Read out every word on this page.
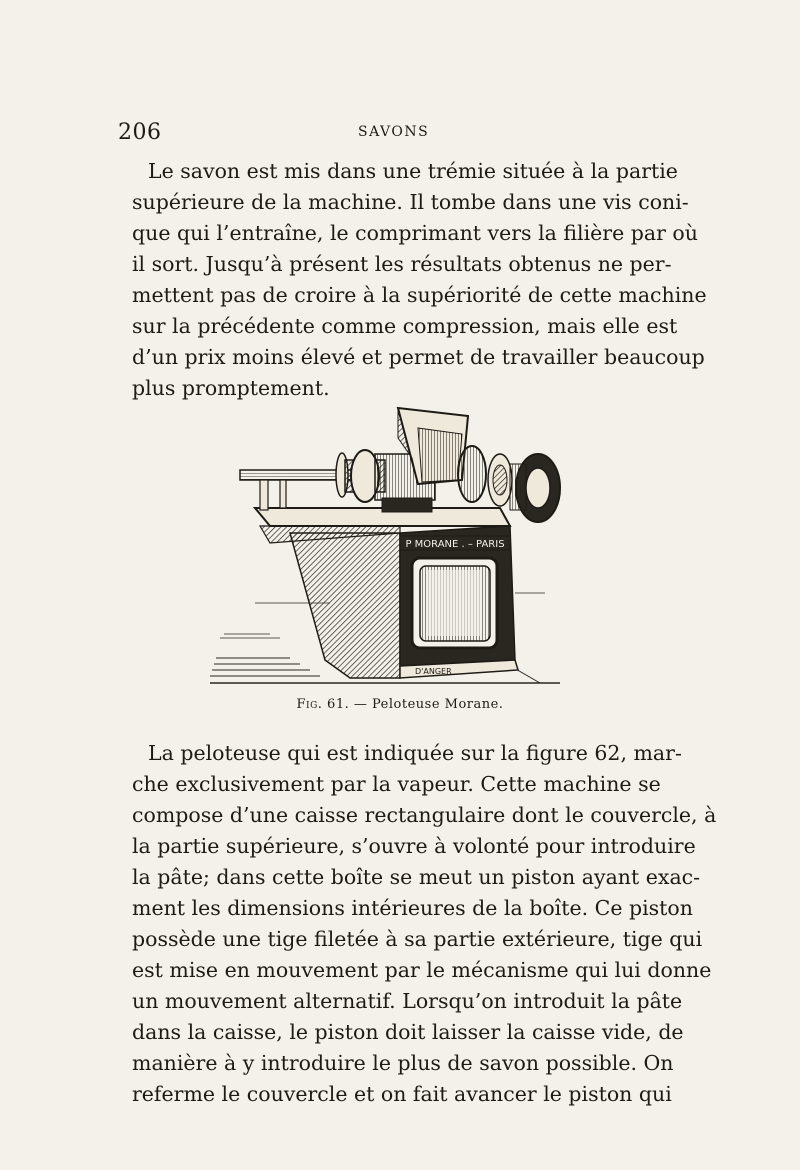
206	SAVONS
Le savon est mis dans une trémie située à la partie
supérieure de la machine. Il tombe dans une vis coni-
que qui l’entraîne, le comprimant vers la filière par où
il sort. Jusqu’à présent les résultats obtenus ne per-
mettent pas de croire à la supériorité de cette machine
sur la précédente comme compression, mais elle est
d’un prix moins élevé et permet de travailler beaucoup
plus promptement.
P MORANE . – PARIS
D'ANGER
Fig. 61. — Peloteuse Morane.
La peloteuse qui est indiquée sur la figure 62, mar-
che exclusivement par la vapeur. Cette machine se
compose d’une caisse rectangulaire dont le couvercle, à
la partie supérieure, s’ouvre à volonté pour introduire
la pâte; dans cette boîte se meut un piston ayant exac-
ment les dimensions intérieures de la boîte. Ce piston
possède une tige filetée à sa partie extérieure, tige qui
est mise en mouvement par le mécanisme qui lui donne
un mouvement alternatif. Lorsqu’on introduit la pâte
dans la caisse, le piston doit laisser la caisse vide, de
manière à y introduire le plus de savon possible. On
referme le couvercle et on fait avancer le piston qui
